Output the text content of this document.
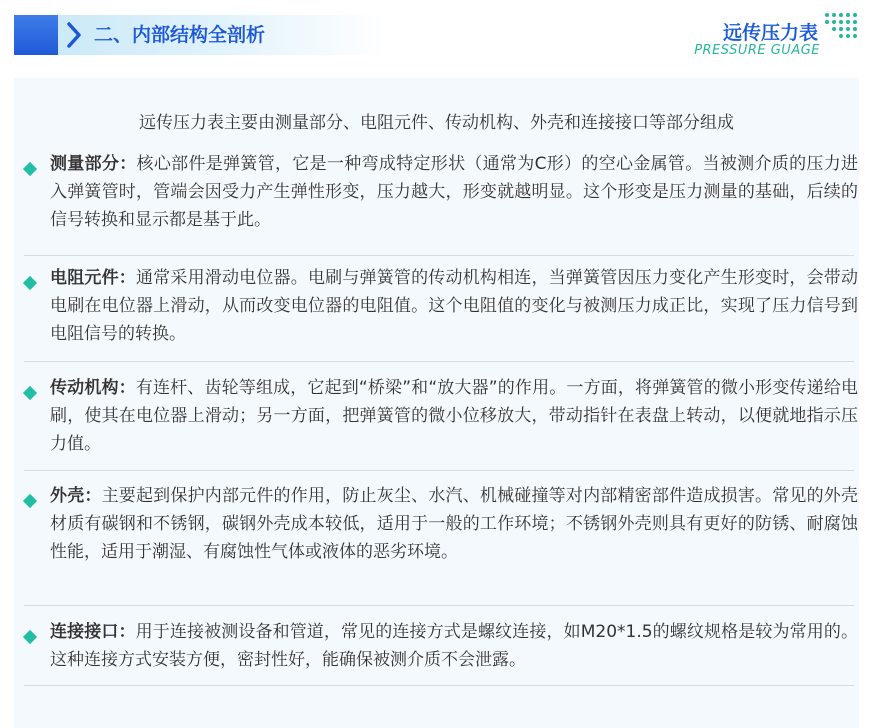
二、内部结构全剖析	远传压力表
PRESSURE GUAGE
远传压力表主要由测量部分、电阻元件、传动机构、外壳和连接接口等部分组成

测量部分：核心部件是弹簧管，它是一种弯成特定形状（通常为C形）的空心金属管。当被测介质的压力进入弹簧管时，管端会因受力产生弹性形变，压力越大，形变就越明显。这个形变是压力测量的基础，后续的信号转换和显示都是基于此。

电阻元件：通常采用滑动电位器。电刷与弹簧管的传动机构相连，当弹簧管因压力变化产生形变时，会带动电刷在电位器上滑动，从而改变电位器的电阻值。这个电阻值的变化与被测压力成正比，实现了压力信号到电阻信号的转换。

传动机构：有连杆、齿轮等组成，它起到“桥梁”和“放大器”的作用。一方面，将弹簧管的微小形变传递给电刷，使其在电位器上滑动；另一方面，把弹簧管的微小位移放大，带动指针在表盘上转动，以便就地指示压力值。

外壳：主要起到保护内部元件的作用，防止灰尘、水汽、机械碰撞等对内部精密部件造成损害。常见的外壳材质有碳钢和不锈钢，碳钢外壳成本较低，适用于一般的工作环境；不锈钢外壳则具有更好的防锈、耐腐蚀性能，适用于潮湿、有腐蚀性气体或液体的恶劣环境。

连接接口：用于连接被测设备和管道，常见的连接方式是螺纹连接，如M20*1.5的螺纹规格是较为常用的。这种连接方式安装方便，密封性好，能确保被测介质不会泄露。
